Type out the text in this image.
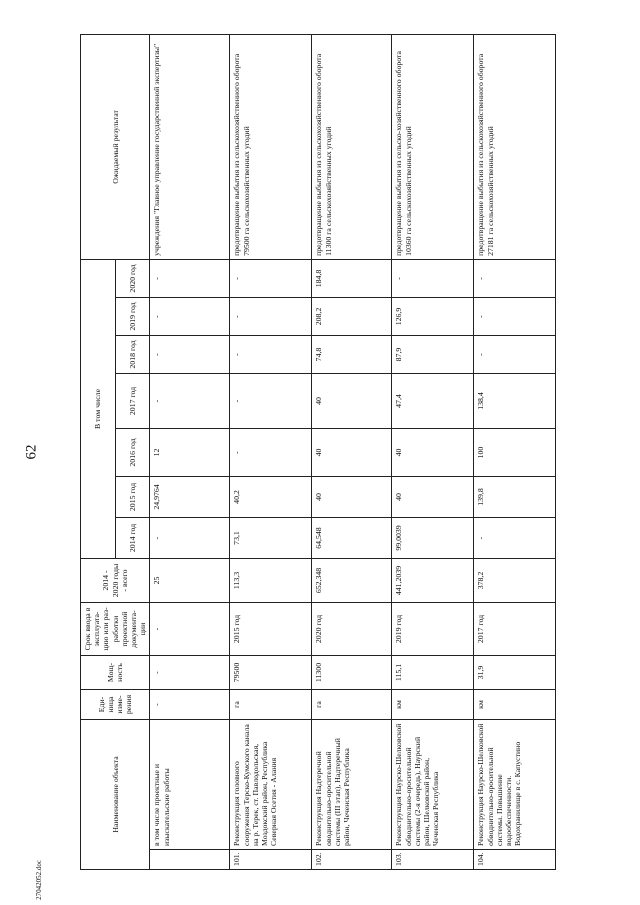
62
27042052.doc
Наименование объекта		Еди-ница изме-рения	Мощ-ность	Срок ввода в эксплуата-цию или раз-работки проектной документа-ции	2014 - 2020 годы - всего	В том числе							Ожидаемый результат
						2014 год	2015 год	2016 год	2017 год	2018 год	2019 год	2020 год	
	в том числе проектные и изыскательские работы	-	-	-	25	-	24,9764	12	-	-	-	-	учреждения "Главное управление государственной экспертизы"
101.	Реконструкция головного сооружения Терско-Кумского канала на р. Терек, ст. Павлодольская, Моздокский район, Республика Северная Осетия - Алания	га	79500	2015 год	113,3	73,1	40,2	-	-	-	-	-	предотвращение выбытия из сельскохозяйственного оборота 79500 га сельскохозяйственных угодий
102.	Реконструкция Надтеречной оводнительно-оросительной системы (III этап), Надтеречный район, Чеченская Республика	га	11300	2020 год	652,348	64,548	40	40	40	74,8	208,2	184,8	предотвращение выбытия из сельскохозяйственного оборота 11300 га сельскохозяйственных угодий
103.	Реконструкция Наурско-Шелковской обводнительно-оросительной системы (2-я очередь), Наурский район, Шелковской район, Чеченская Республика	км	115,1	2019 год	441,2039	99,0039	40	40	47,4	87,9	126,9	-	предотвращение выбытия из сельско-хозяйственного оборота 10360 га сельскохозяйственных угодий
104.	Реконструкция Наурско-Шелковской обводнительно-оросительной системы. Повышение водообеспеченности. Водохранилище в с. Капустино	км	31,9	2017 год	378,2	-	139,8	100	138,4	-	-	-	предотвращение выбытия из сельскохозяйственного оборота 27181 га сельскохозяйственных угодий
